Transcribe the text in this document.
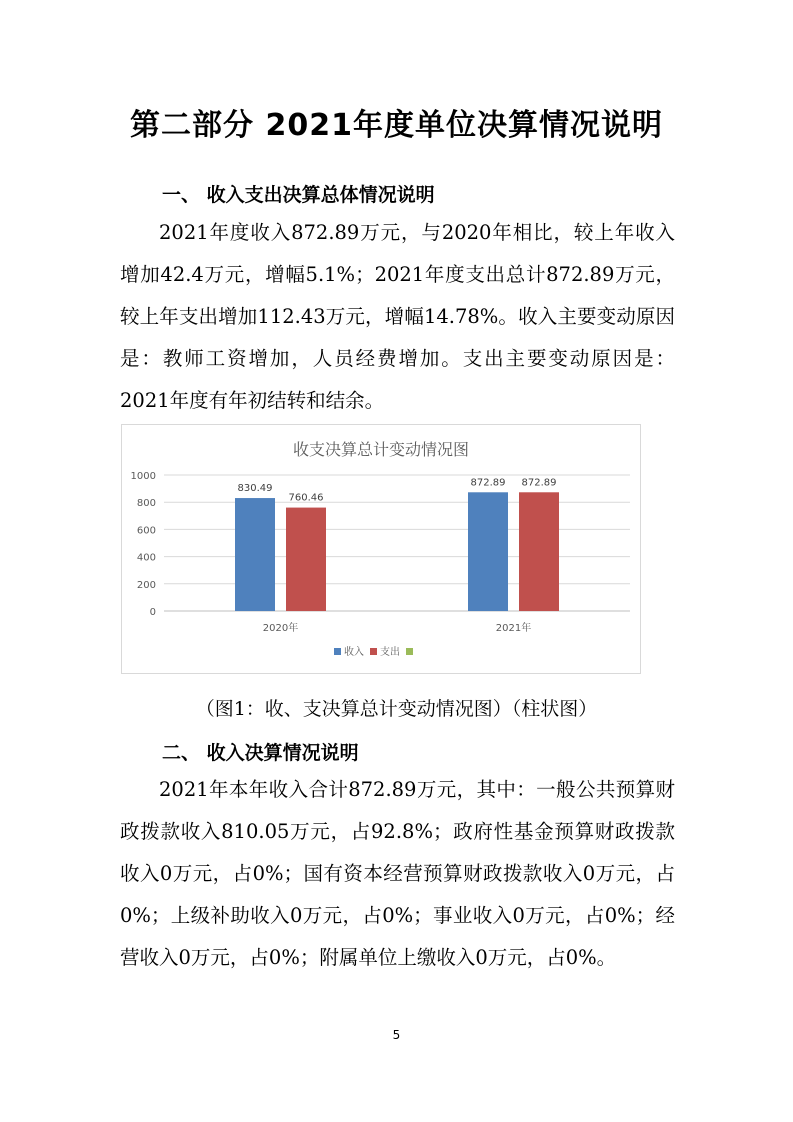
第二部分 2021年度单位决算情况说明
一、 收入支出决算总体情况说明

2021年度收入872.89万元，与2020年相比，较上年收入增加42.4万元，增幅5.1%；2021年度支出总计872.89万元，较上年支出增加112.43万元，增幅14.78%。收入主要变动原因是：教师工资增加，人员经费增加。支出主要变动原因是：2021年度有年初结转和结余。

收支决算总计变动情况图
0
200
400
600
800
1000
830.49
760.46
2020年
872.89 872.89
2021年
收入 支出
（图1：收、支决算总计变动情况图）（柱状图）
二、 收入决算情况说明

2021年本年收入合计872.89万元，其中：一般公共预算财政拨款收入810.05万元，占92.8%；政府性基金预算财政拨款收入0万元，占0%；国有资本经营预算财政拨款收入0万元，占0%；上级补助收入0万元，占0%；事业收入0万元，占0%；经营收入0万元，占0%；附属单位上缴收入0万元，占0%。

5
